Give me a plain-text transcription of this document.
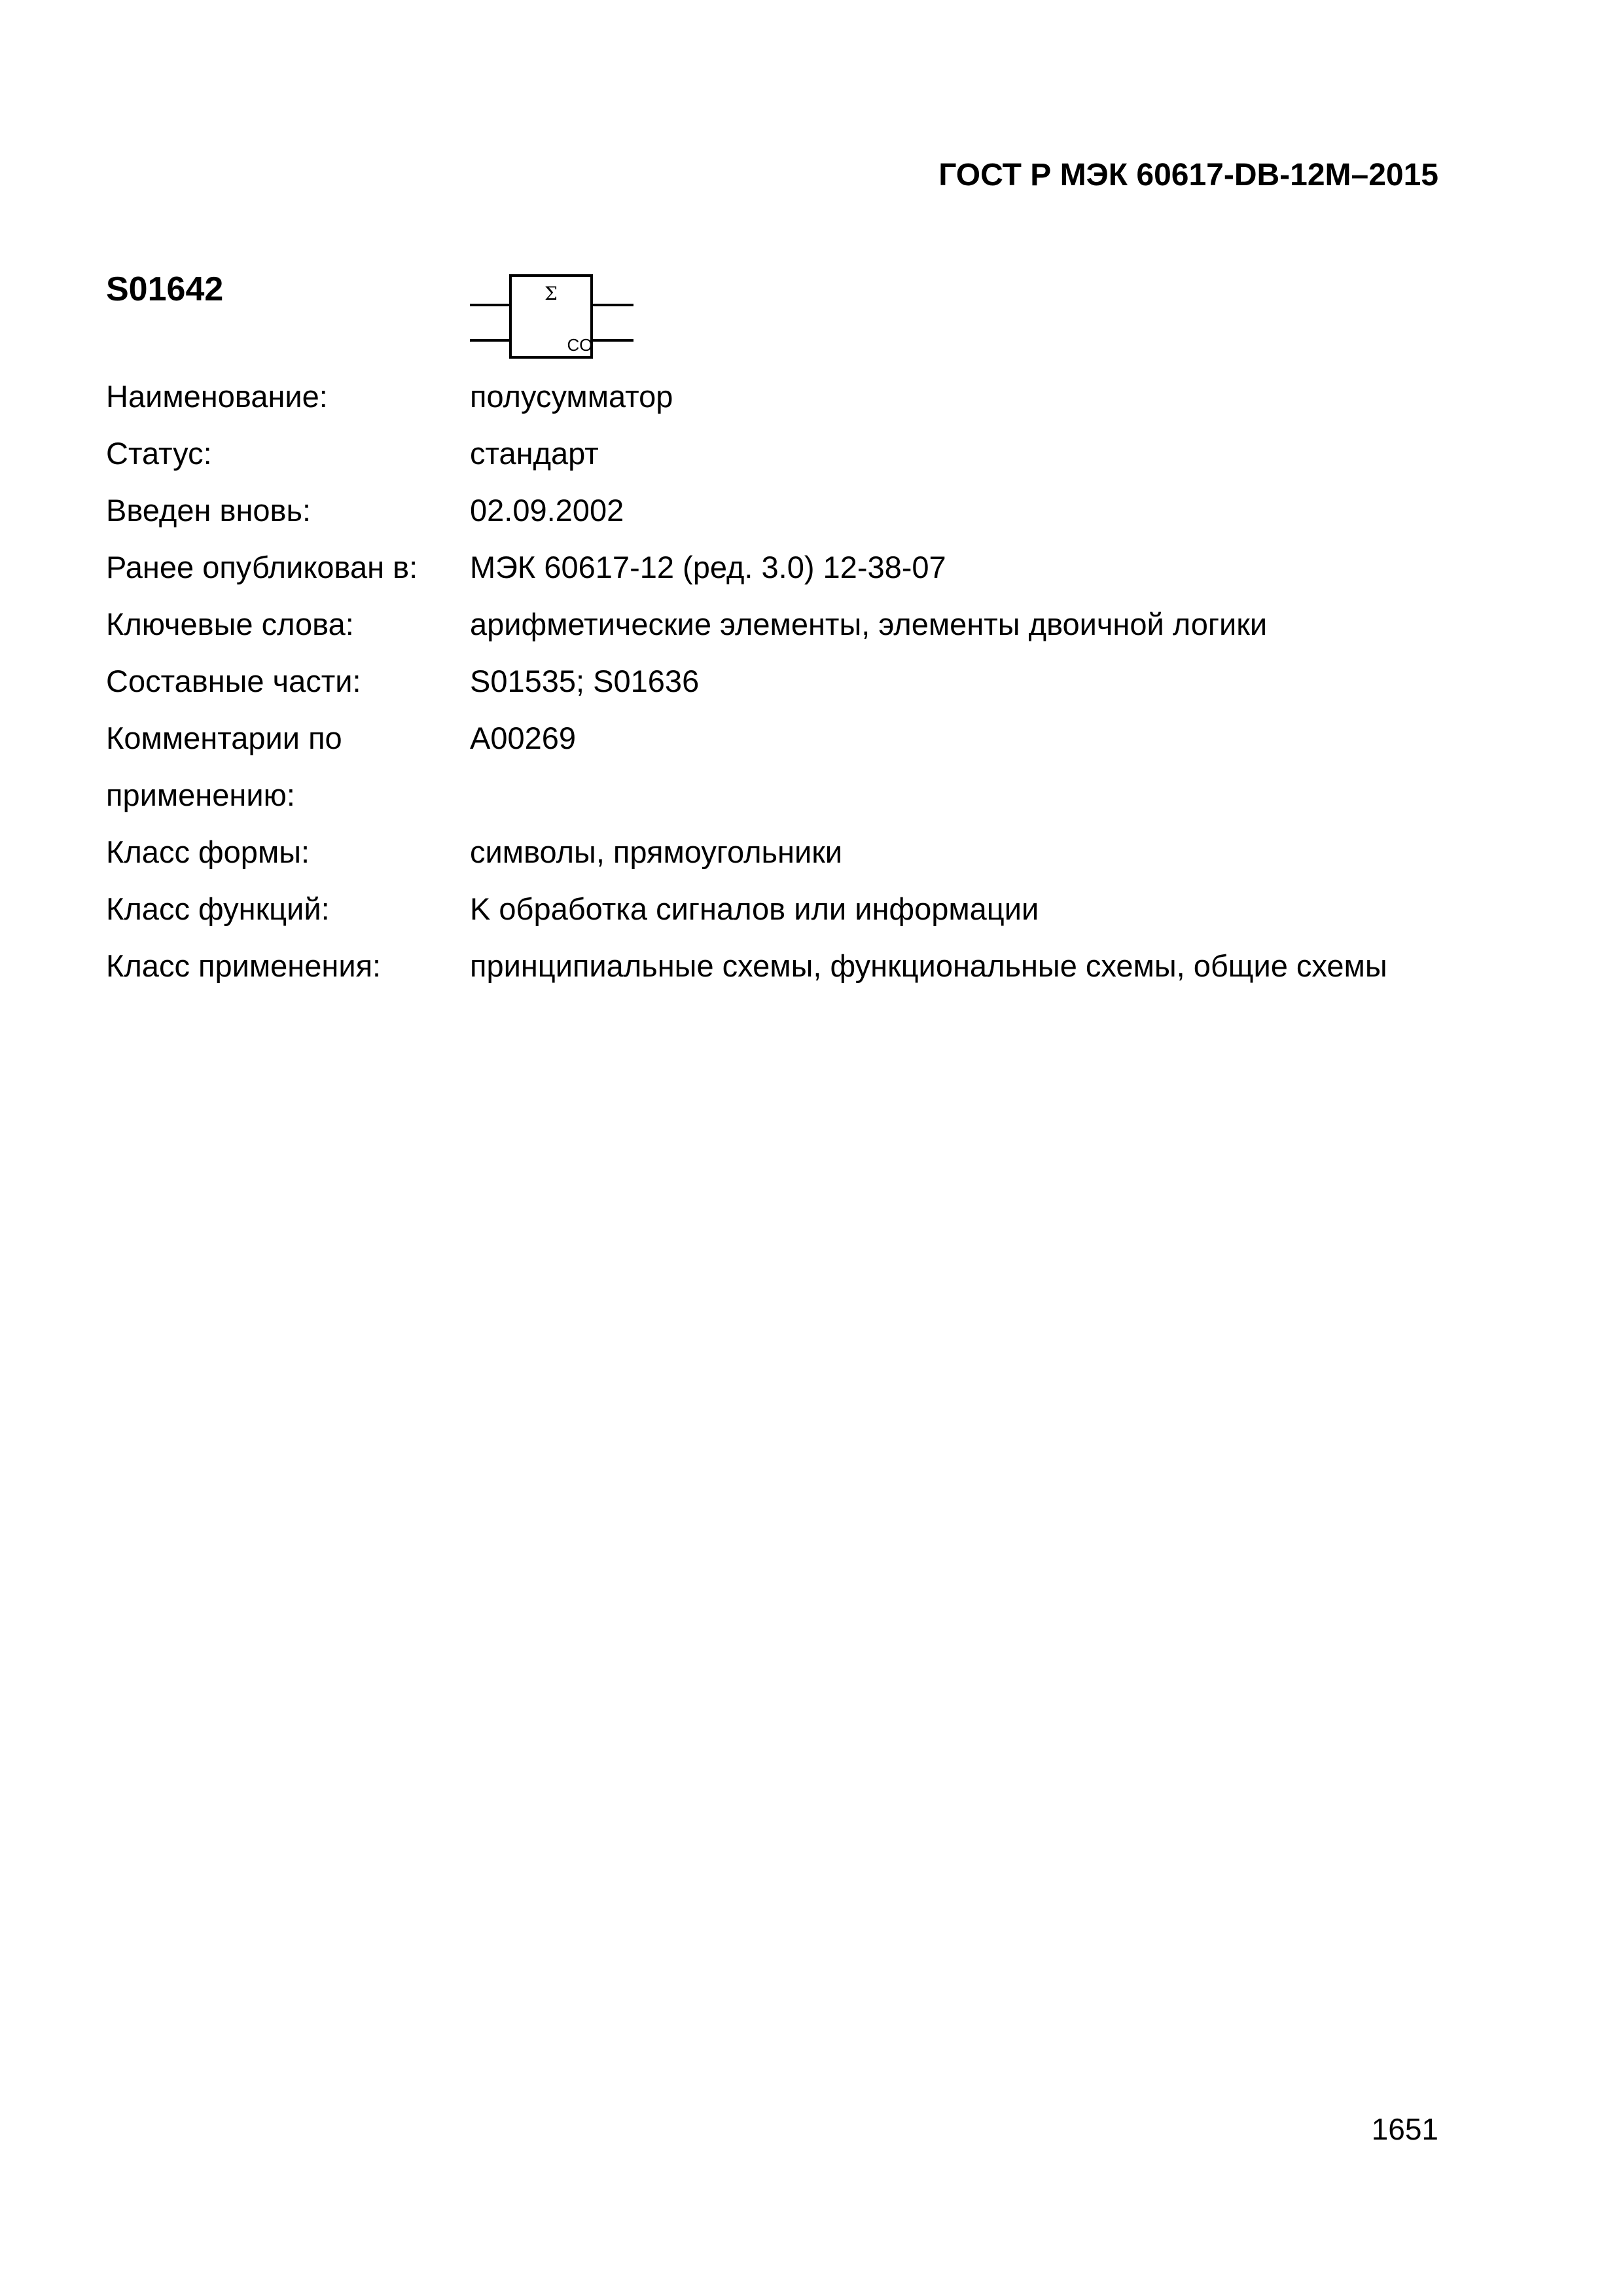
ГОСТ Р МЭК 60617-DB-12M–2015
S01642	Σ
CO
Наименование:	полусумматор
Статус:	стандарт
Введен вновь:	02.09.2002
Ранее опубликован в:	МЭК 60617-12 (ред. 3.0) 12-38-07
Ключевые слова:	арифметические элементы, элементы двоичной логики
Составные части:	S01535; S01636
Комментарии по	A00269
применению:
Класс формы:	символы, прямоугольники
Класс функций:	K обработка сигналов или информации
Класс применения:	принципиальные схемы, функциональные схемы, общие схемы
1651
